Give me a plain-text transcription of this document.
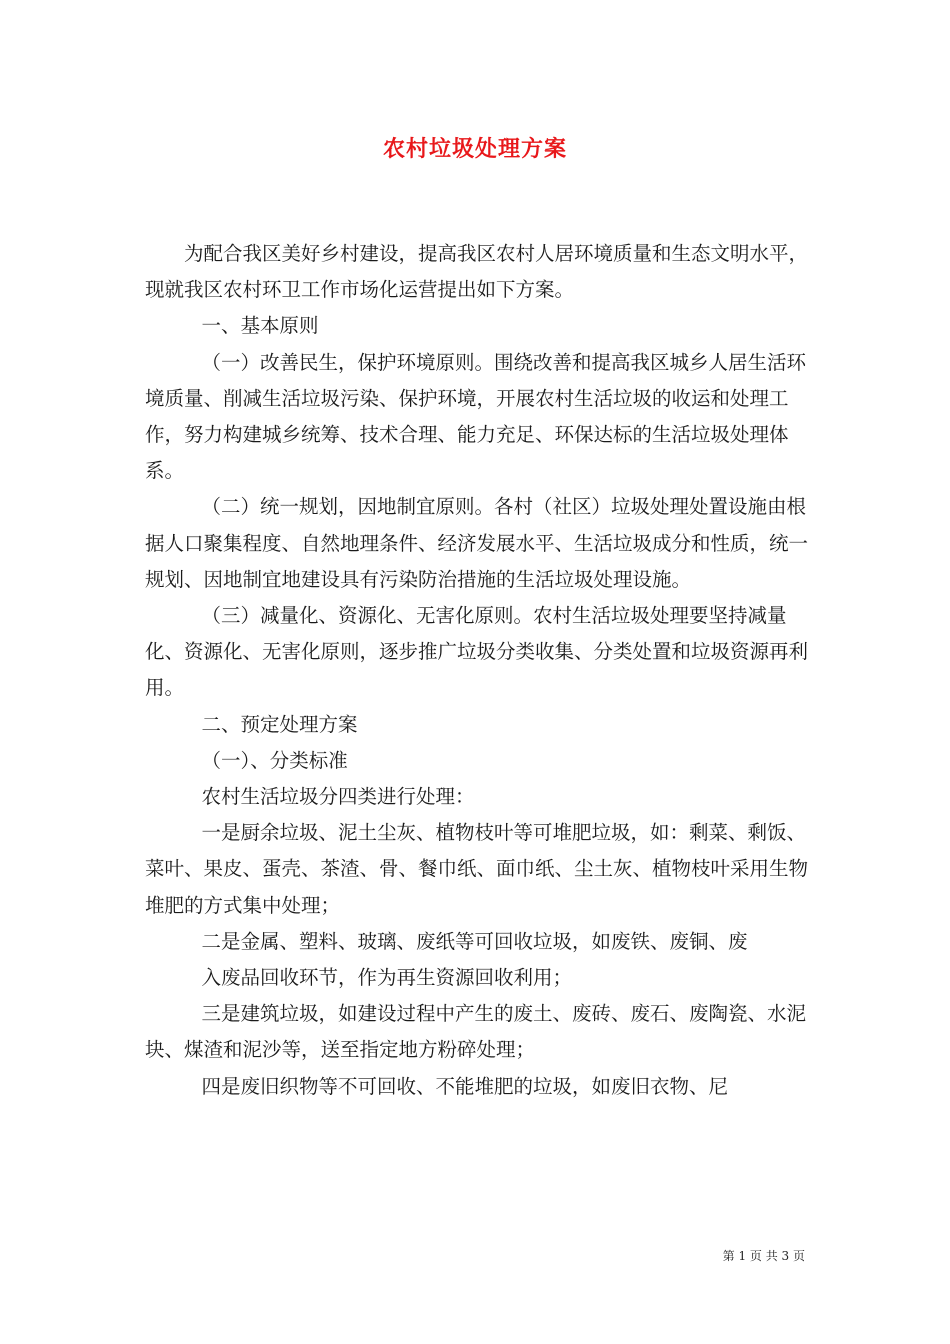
农村垃圾处理方案

为配合我区美好乡村建设，提高我区农村人居环境质量和生态文明水平，现就我区农村环卫工作市场化运营提出如下方案。

一、基本原则

（一）改善民生，保护环境原则。围绕改善和提高我区城乡人居生活环境质量、削减生活垃圾污染、保护环境，开展农村生活垃圾的收运和处理工作，努力构建城乡统筹、技术合理、能力充足、环保达标的生活垃圾处理体系。

（二）统一规划，因地制宜原则。各村（社区）垃圾处理处置设施由根据人口聚集程度、自然地理条件、经济发展水平、生活垃圾成分和性质，统一规划、因地制宜地建设具有污染防治措施的生活垃圾处理设施。

（三）减量化、资源化、无害化原则。农村生活垃圾处理要坚持减量化、资源化、无害化原则，逐步推广垃圾分类收集、分类处置和垃圾资源再利用。

二、预定处理方案

（一）、分类标准

农村生活垃圾分四类进行处理：

一是厨余垃圾、泥土尘灰、植物枝叶等可堆肥垃圾，如：剩菜、剩饭、菜叶、果皮、蛋壳、茶渣、骨、餐巾纸、面巾纸、尘土灰、植物枝叶采用生物堆肥的方式集中处理；

二是金属、塑料、玻璃、废纸等可回收垃圾，如废铁、废铜、废

入废品回收环节，作为再生资源回收利用；

三是建筑垃圾，如建设过程中产生的废土、废砖、废石、废陶瓷、水泥块、煤渣和泥沙等，送至指定地方粉碎处理；

四是废旧织物等不可回收、不能堆肥的垃圾，如废旧衣物、尼

第 1 页 共 3 页
